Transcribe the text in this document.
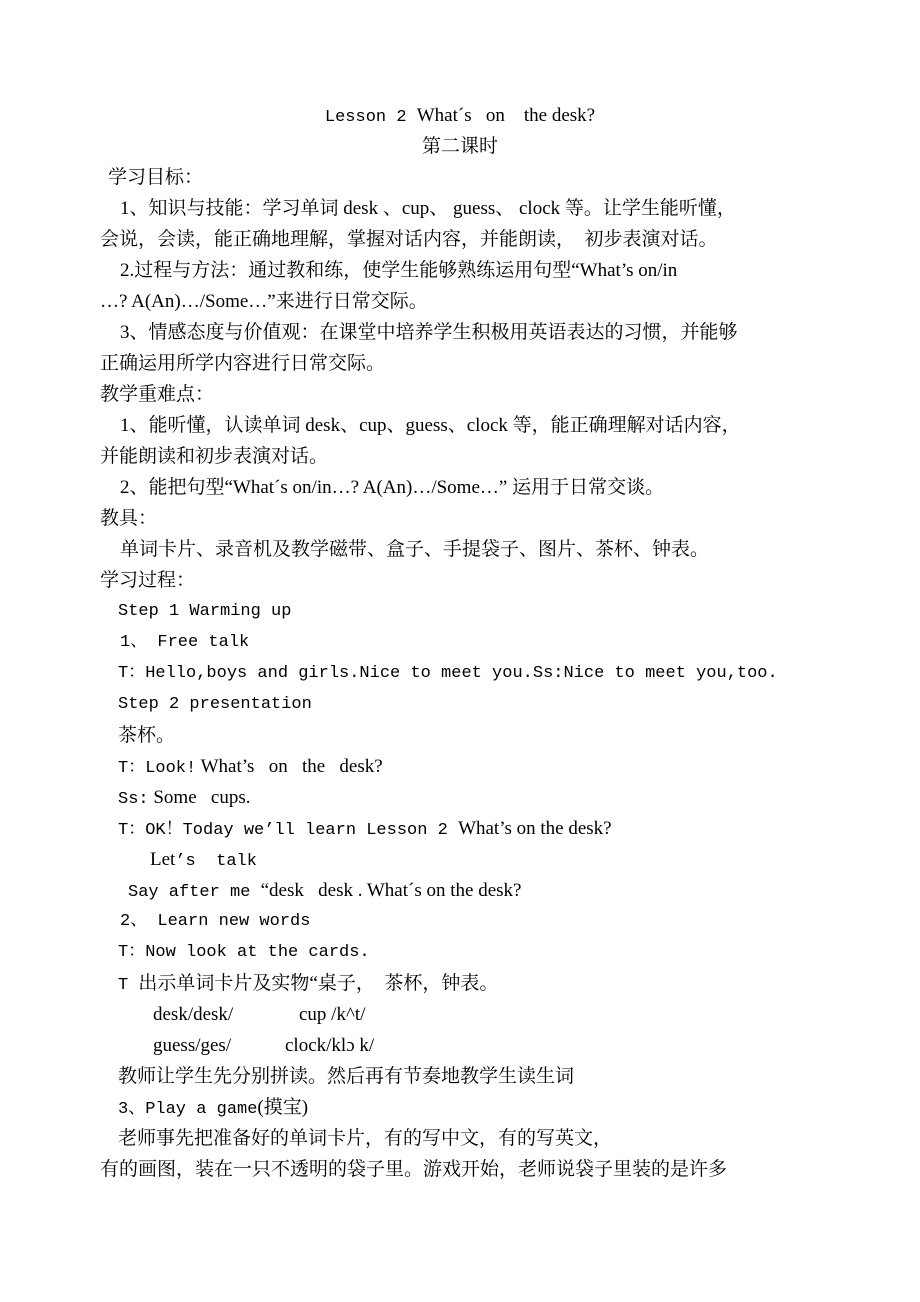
Lesson 2 What´s   on    the desk?
第二课时
学习目标：
1、知识与技能：学习单词 desk 、cup、 guess、 clock 等。让学生能听懂，
会说，会读，能正确地理解，掌握对话内容，并能朗读，  初步表演对话。
2.过程与方法：通过教和练，使学生能够熟练运用句型“What’s on/in
…? A(An)…/Some…”来进行日常交际。
3、情感态度与价值观：在课堂中培养学生积极用英语表达的习惯，并能够
正确运用所学内容进行日常交际。
教学重难点：
1、能听懂，认读单词 desk、cup、guess、clock 等，能正确理解对话内容，
并能朗读和初步表演对话。
2、能把句型“What´s on/in…? A(An)…/Some…” 运用于日常交谈。
教具：
单词卡片、录音机及教学磁带、盒子、手提袋子、图片、茶杯、钟表。
学习过程：
Step 1 Warming up
1、 Free talk
T：Hello,boys and girls.Nice to meet you.Ss:Nice to meet you,too.
Step 2 presentation
茶杯。
T：Look! What’s   on   the   desk?
Ss: Some   cups.
T：OK！Today we’ll learn Lesson 2 What’s on the desk?
Let’s  talk
Say after me “desk   desk . What´s on the desk?
2、 Learn new words
T：Now look at the cards.
T 出示单词卡片及实物“桌子，  茶杯，钟表。
desk/desk/	cup /k^t/
guess/ges/	clock/klɔ k/
教师让学生先分别拼读。然后再有节奏地教学生读生词
3、Play a game(摸宝)
老师事先把准备好的单词卡片，有的写中文，有的写英文，
有的画图，装在一只不透明的袋子里。游戏开始，老师说袋子里装的是许多
